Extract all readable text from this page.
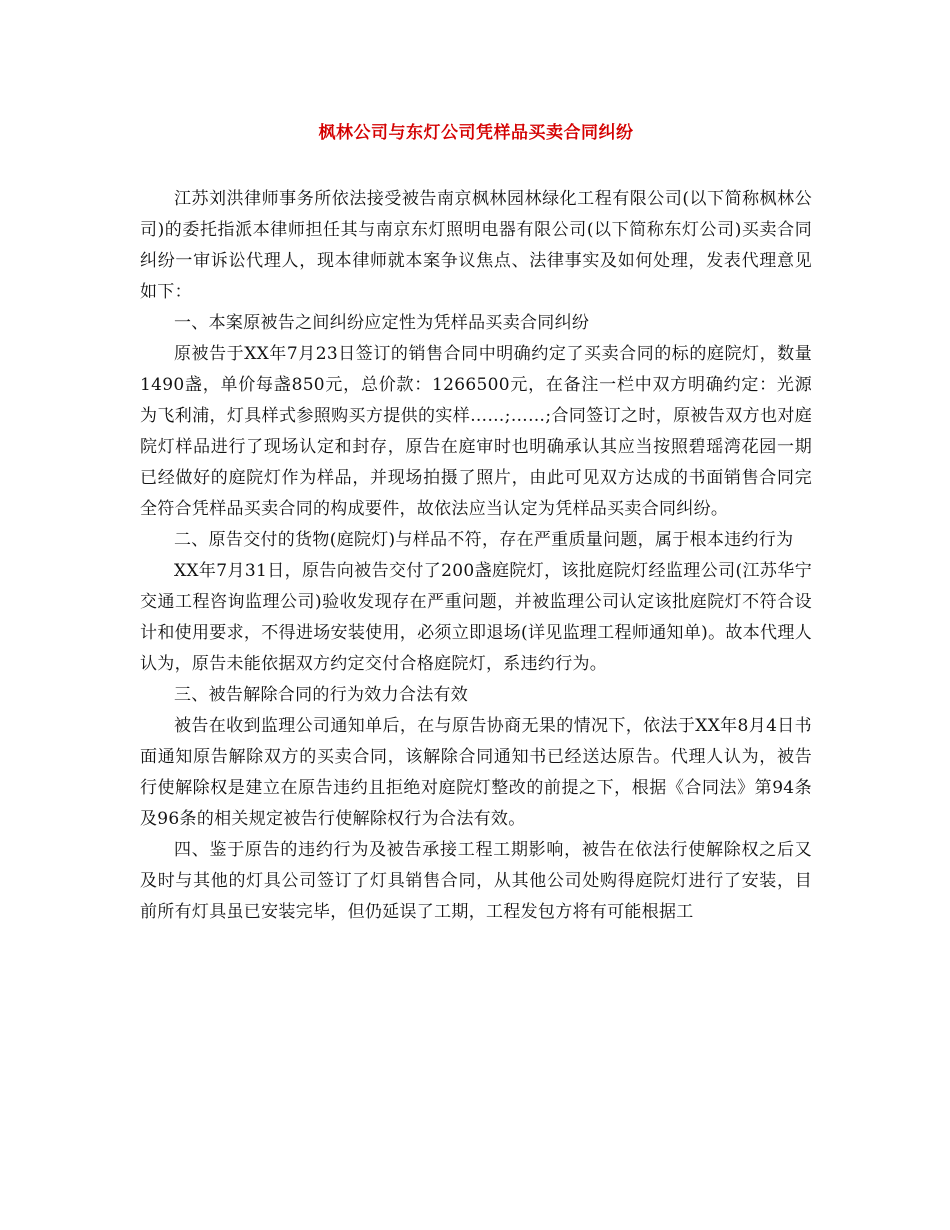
枫林公司与东灯公司凭样品买卖合同纠纷

江苏刘洪律师事务所依法接受被告南京枫林园林绿化工程有限公司(以下简称枫林公司)的委托指派本律师担任其与南京东灯照明电器有限公司(以下简称东灯公司)买卖合同纠纷一审诉讼代理人，现本律师就本案争议焦点、法律事实及如何处理，发表代理意见如下：

一、本案原被告之间纠纷应定性为凭样品买卖合同纠纷

原被告于XX年7月23日签订的销售合同中明确约定了买卖合同的标的庭院灯，数量1490盏，单价每盏850元，总价款：1266500元，在备注一栏中双方明确约定：光源为飞利浦，灯具样式参照购买方提供的实样……;……;合同签订之时，原被告双方也对庭院灯样品进行了现场认定和封存，原告在庭审时也明确承认其应当按照碧瑶湾花园一期已经做好的庭院灯作为样品，并现场拍摄了照片，由此可见双方达成的书面销售合同完全符合凭样品买卖合同的构成要件，故依法应当认定为凭样品买卖合同纠纷。

二、原告交付的货物(庭院灯)与样品不符，存在严重质量问题，属于根本违约行为

XX年7月31日，原告向被告交付了200盏庭院灯，该批庭院灯经监理公司(江苏华宁交通工程咨询监理公司)验收发现存在严重问题，并被监理公司认定该批庭院灯不符合设计和使用要求，不得进场安装使用，必须立即退场(详见监理工程师通知单)。故本代理人认为，原告未能依据双方约定交付合格庭院灯，系违约行为。

三、被告解除合同的行为效力合法有效

被告在收到监理公司通知单后，在与原告协商无果的情况下，依法于XX年8月4日书面通知原告解除双方的买卖合同，该解除合同通知书已经送达原告。代理人认为，被告行使解除权是建立在原告违约且拒绝对庭院灯整改的前提之下，根据《合同法》第94条及96条的相关规定被告行使解除权行为合法有效。

四、鉴于原告的违约行为及被告承接工程工期影响，被告在依法行使解除权之后又及时与其他的灯具公司签订了灯具销售合同，从其他公司处购得庭院灯进行了安装，目前所有灯具虽已安装完毕，但仍延误了工期，工程发包方将有可能根据工
